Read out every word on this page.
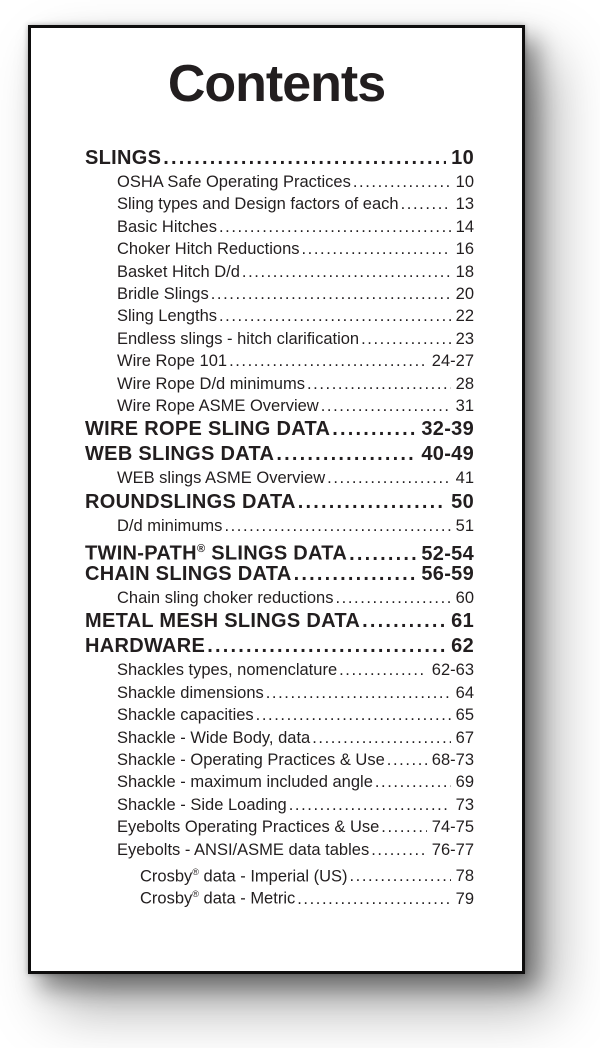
Contents
SLINGS .....	10
OSHA Safe Operating Practices .....	10
Sling types and Design factors of each .....	13
Basic Hitches .....	14
Choker Hitch Reductions .....	16
Basket Hitch D/d .....	18
Bridle Slings .....	20
Sling Lengths .....	22
Endless slings - hitch clarification .....	23
Wire Rope 101 .....	24-27
Wire Rope D/d minimums .....	28
Wire Rope ASME Overview .....	31
WIRE ROPE SLING DATA .....	32-39
WEB SLINGS DATA .....	40-49
WEB slings ASME Overview .....	41
ROUNDSLINGS DATA .....	50
D/d minimums .....	51
TWIN-PATH® SLINGS DATA .....	52-54
CHAIN SLINGS DATA .....	56-59
Chain sling choker reductions .....	60
METAL MESH SLINGS DATA .....	61
HARDWARE .....	62
Shackles types, nomenclature .....	62-63
Shackle dimensions .....	64
Shackle capacities .....	65
Shackle - Wide Body, data .....	67
Shackle - Operating Practices & Use .....	68-73
Shackle - maximum included angle .....	69
Shackle - Side Loading .....	73
Eyebolts Operating Practices & Use .....	74-75
Eyebolts - ANSI/ASME data tables .....	76-77
Crosby® data - Imperial (US) .....	78
Crosby® data - Metric .....	79
